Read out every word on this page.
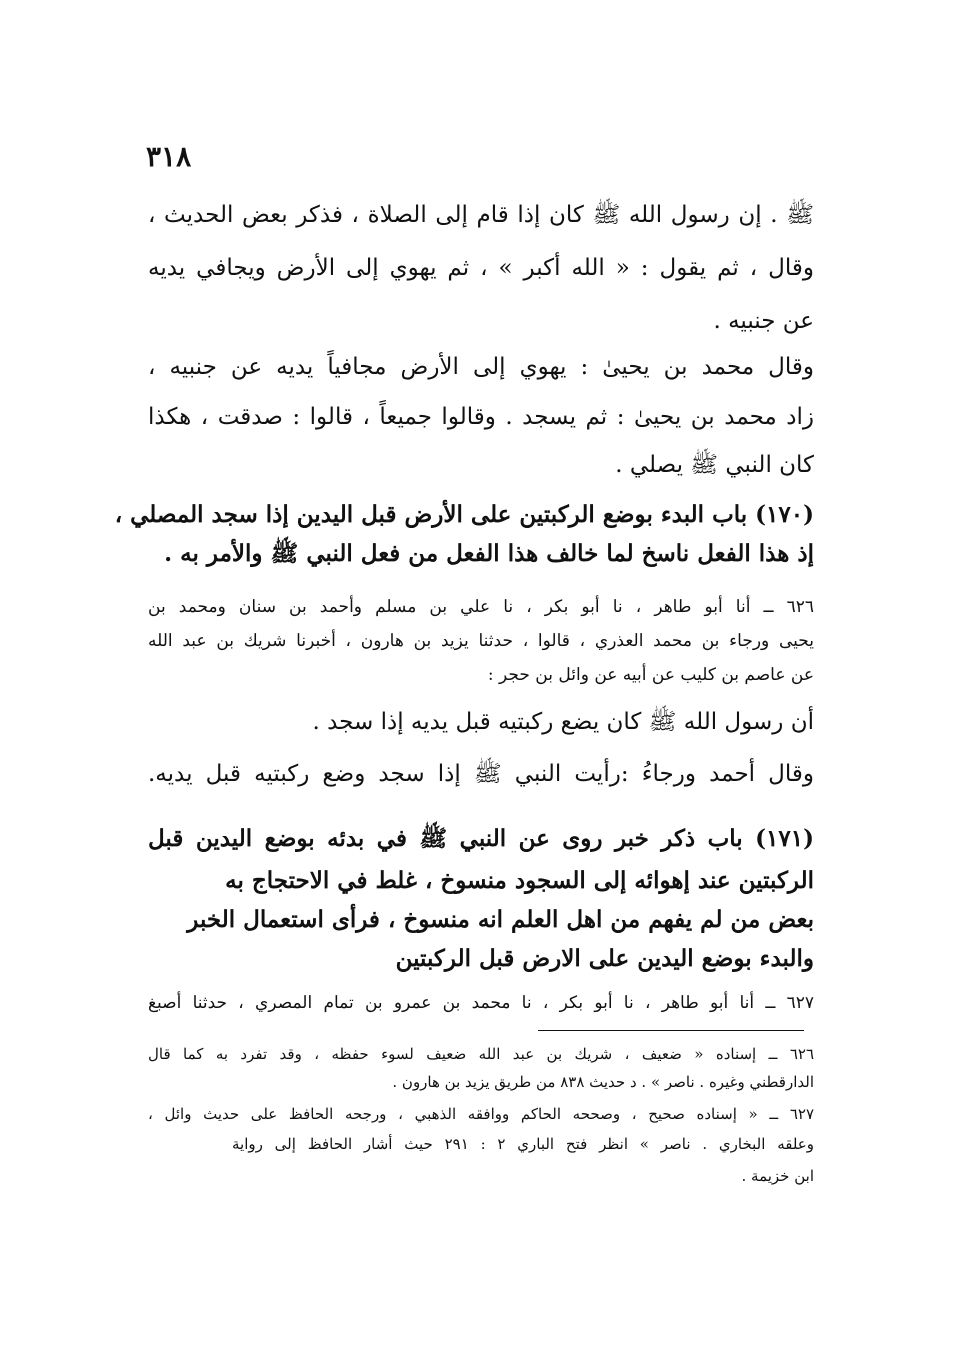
٣١٨
ﷺ . إن رسول الله ﷺ كان إذا قام إلى الصلاة ، فذكر بعض الحديث ،
وقال ، ثم يقول : « الله أكبر » ، ثم يهوي إلى الأرض ويجافي يديه
عن جنبيه .
وقال محمد بن يحيىٰ : يهوي إلى الأرض مجافياً يديه عن جنبيه ،
زاد محمد بن يحيىٰ : ثم يسجد . وقالوا جميعاً ، قالوا : صدقت ، هكذا
كان النبي ﷺ يصلي .
(١٧٠) باب البدء بوضع الركبتين على الأرض قبل اليدين إذا سجد المصلي ،
إذ هذا الفعل ناسخ لما خالف هذا الفعل من فعل النبي ﷺ والأمر به .
٦٢٦ ــ أنا أبو طاهر ، نا أبو بكر ، نا علي بن مسلم وأحمد بن سنان ومحمد بن
يحيى ورجاء بن محمد العذري ، قالوا ، حدثنا يزيد بن هارون ، أخبرنا شريك بن عبد الله
عن عاصم بن كليب عن أبيه عن وائل بن حجر :
أن رسول الله ﷺ كان يضع ركبتيه قبل يديه إذا سجد .
وقال أحمد ورجاءُ :رأيت النبي ﷺ إذا سجد وضع ركبتيه قبل يديه.
(١٧١) باب ذكر خبر روى عن النبي ﷺ في بدئه بوضع اليدين قبل
الركبتين عند إهوائه إلى السجود منسوخ ، غلط في الاحتجاج به
بعض من لم يفهم من اهل العلم انه منسوخ ، فرأى استعمال الخبر
والبدء بوضع اليدين على الارض قبل الركبتين
٦٢٧ ــ أنا أبو طاهر ، نا أبو بكر ، نا محمد بن عمرو بن تمام المصري ، حدثنا أصبغ
٦٢٦ ــ إسناده « ضعيف ، شريك بن عبد الله ضعيف لسوء حفظه ، وقد تفرد به كما قال
الدارقطني وغيره . ناصر » . د حديث ٨٣٨ من طريق يزيد بن هارون .
٦٢٧ ــ « إسناده صحيح ، وصححه الحاكم ووافقه الذهبي ، ورجحه الحافظ على حديث وائل ،
وعلقه البخاري . ناصر » انظر فتح الباري ٢ : ٢٩١ حيث أشار الحافظ إلى رواية
ابن خزيمة .
